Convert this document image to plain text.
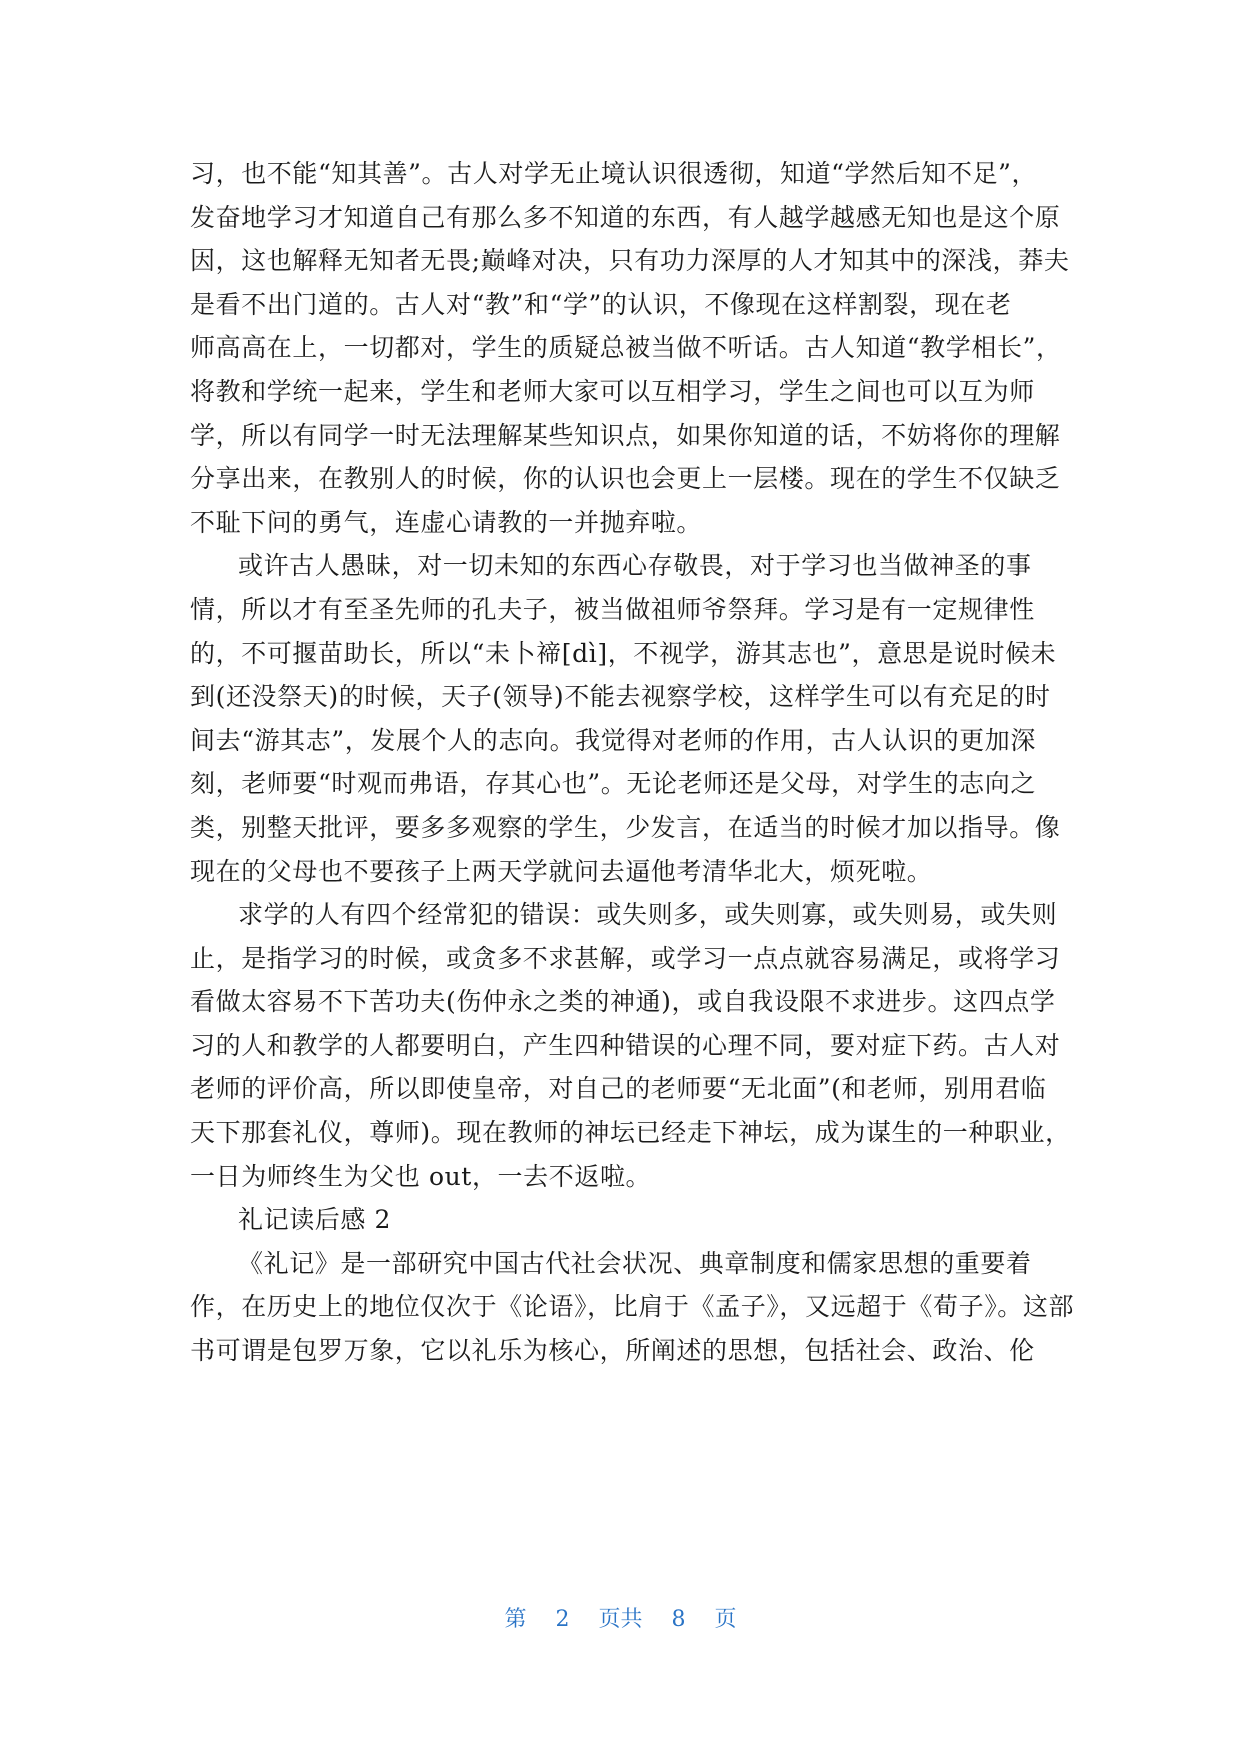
习，也不能“知其善”。古人对学无止境认识很透彻，知道“学然后知不足”，
发奋地学习才知道自己有那么多不知道的东西，有人越学越感无知也是这个原
因，这也解释无知者无畏;巅峰对决，只有功力深厚的人才知其中的深浅，莽夫
是看不出门道的。古人对“教”和“学”的认识，不像现在这样割裂，现在老
师高高在上，一切都对，学生的质疑总被当做不听话。古人知道“教学相长”，
将教和学统一起来，学生和老师大家可以互相学习，学生之间也可以互为师
学，所以有同学一时无法理解某些知识点，如果你知道的话，不妨将你的理解
分享出来，在教别人的时候，你的认识也会更上一层楼。现在的学生不仅缺乏
不耻下问的勇气，连虚心请教的一并抛弃啦。
或许古人愚昧，对一切未知的东西心存敬畏，对于学习也当做神圣的事
情，所以才有至圣先师的孔夫子，被当做祖师爷祭拜。学习是有一定规律性
的，不可揠苗助长，所以“未卜禘[dì]，不视学，游其志也”，意思是说时候未
到(还没祭天)的时候，天子(领导)不能去视察学校，这样学生可以有充足的时
间去“游其志”，发展个人的志向。我觉得对老师的作用，古人认识的更加深
刻，老师要“时观而弗语，存其心也”。无论老师还是父母，对学生的志向之
类，别整天批评，要多多观察的学生，少发言，在适当的时候才加以指导。像
现在的父母也不要孩子上两天学就问去逼他考清华北大，烦死啦。
求学的人有四个经常犯的错误：或失则多，或失则寡，或失则易，或失则
止，是指学习的时候，或贪多不求甚解，或学习一点点就容易满足，或将学习
看做太容易不下苦功夫(伤仲永之类的神通)，或自我设限不求进步。这四点学
习的人和教学的人都要明白，产生四种错误的心理不同，要对症下药。古人对
老师的评价高，所以即使皇帝，对自己的老师要“无北面”(和老师，别用君临
天下那套礼仪，尊师)。现在教师的神坛已经走下神坛，成为谋生的一种职业，
一日为师终生为父也 out，一去不返啦。
礼记读后感 2
《礼记》是一部研究中国古代社会状况、典章制度和儒家思想的重要着
作，在历史上的地位仅次于《论语》，比肩于《孟子》，又远超于《荀子》。这部
书可谓是包罗万象，它以礼乐为核心，所阐述的思想，包括社会、政治、伦
第 2 页共 8 页
